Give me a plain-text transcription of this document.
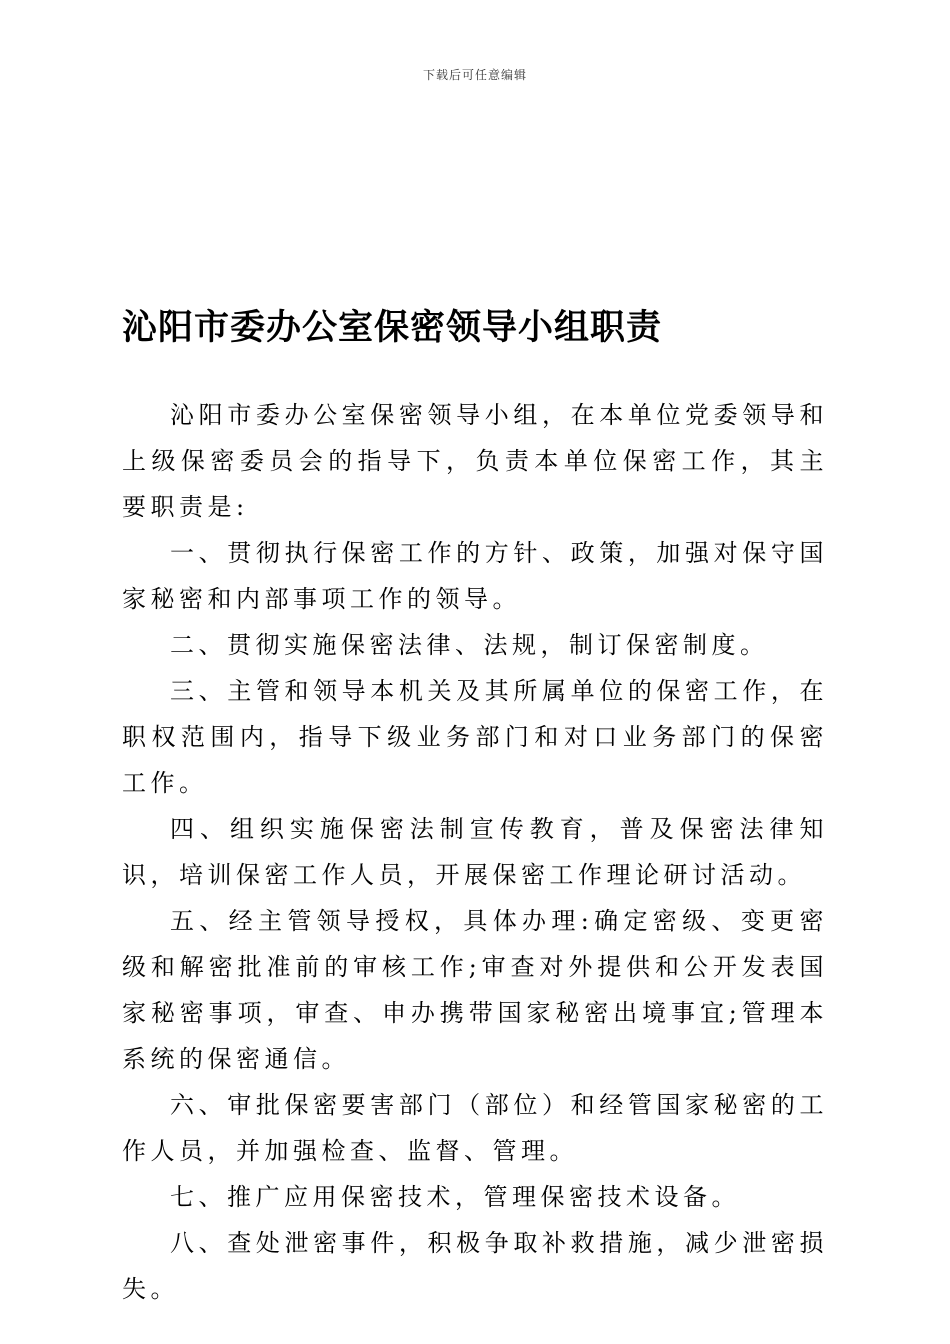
下载后可任意编辑
沁阳市委办公室保密领导小组职责

沁阳市委办公室保密领导小组，在本单位党委领导和上级保密委员会的指导下，负责本单位保密工作，其主要职责是:

一、贯彻执行保密工作的方针、政策，加强对保守国家秘密和内部事项工作的领导。

二、贯彻实施保密法律、法规，制订保密制度。

三、主管和领导本机关及其所属单位的保密工作，在职权范围内，指导下级业务部门和对口业务部门的保密工作。

四、组织实施保密法制宣传教育，普及保密法律知识，培训保密工作人员，开展保密工作理论研讨活动。

五、经主管领导授权，具体办理:确定密级、变更密级和解密批准前的审核工作;审查对外提供和公开发表国家秘密事项，审查、申办携带国家秘密出境事宜;管理本系统的保密通信。

六、审批保密要害部门（部位）和经管国家秘密的工作人员，并加强检查、监督、管理。

七、推广应用保密技术，管理保密技术设备。

八、查处泄密事件，积极争取补救措施，减少泄密损失。
